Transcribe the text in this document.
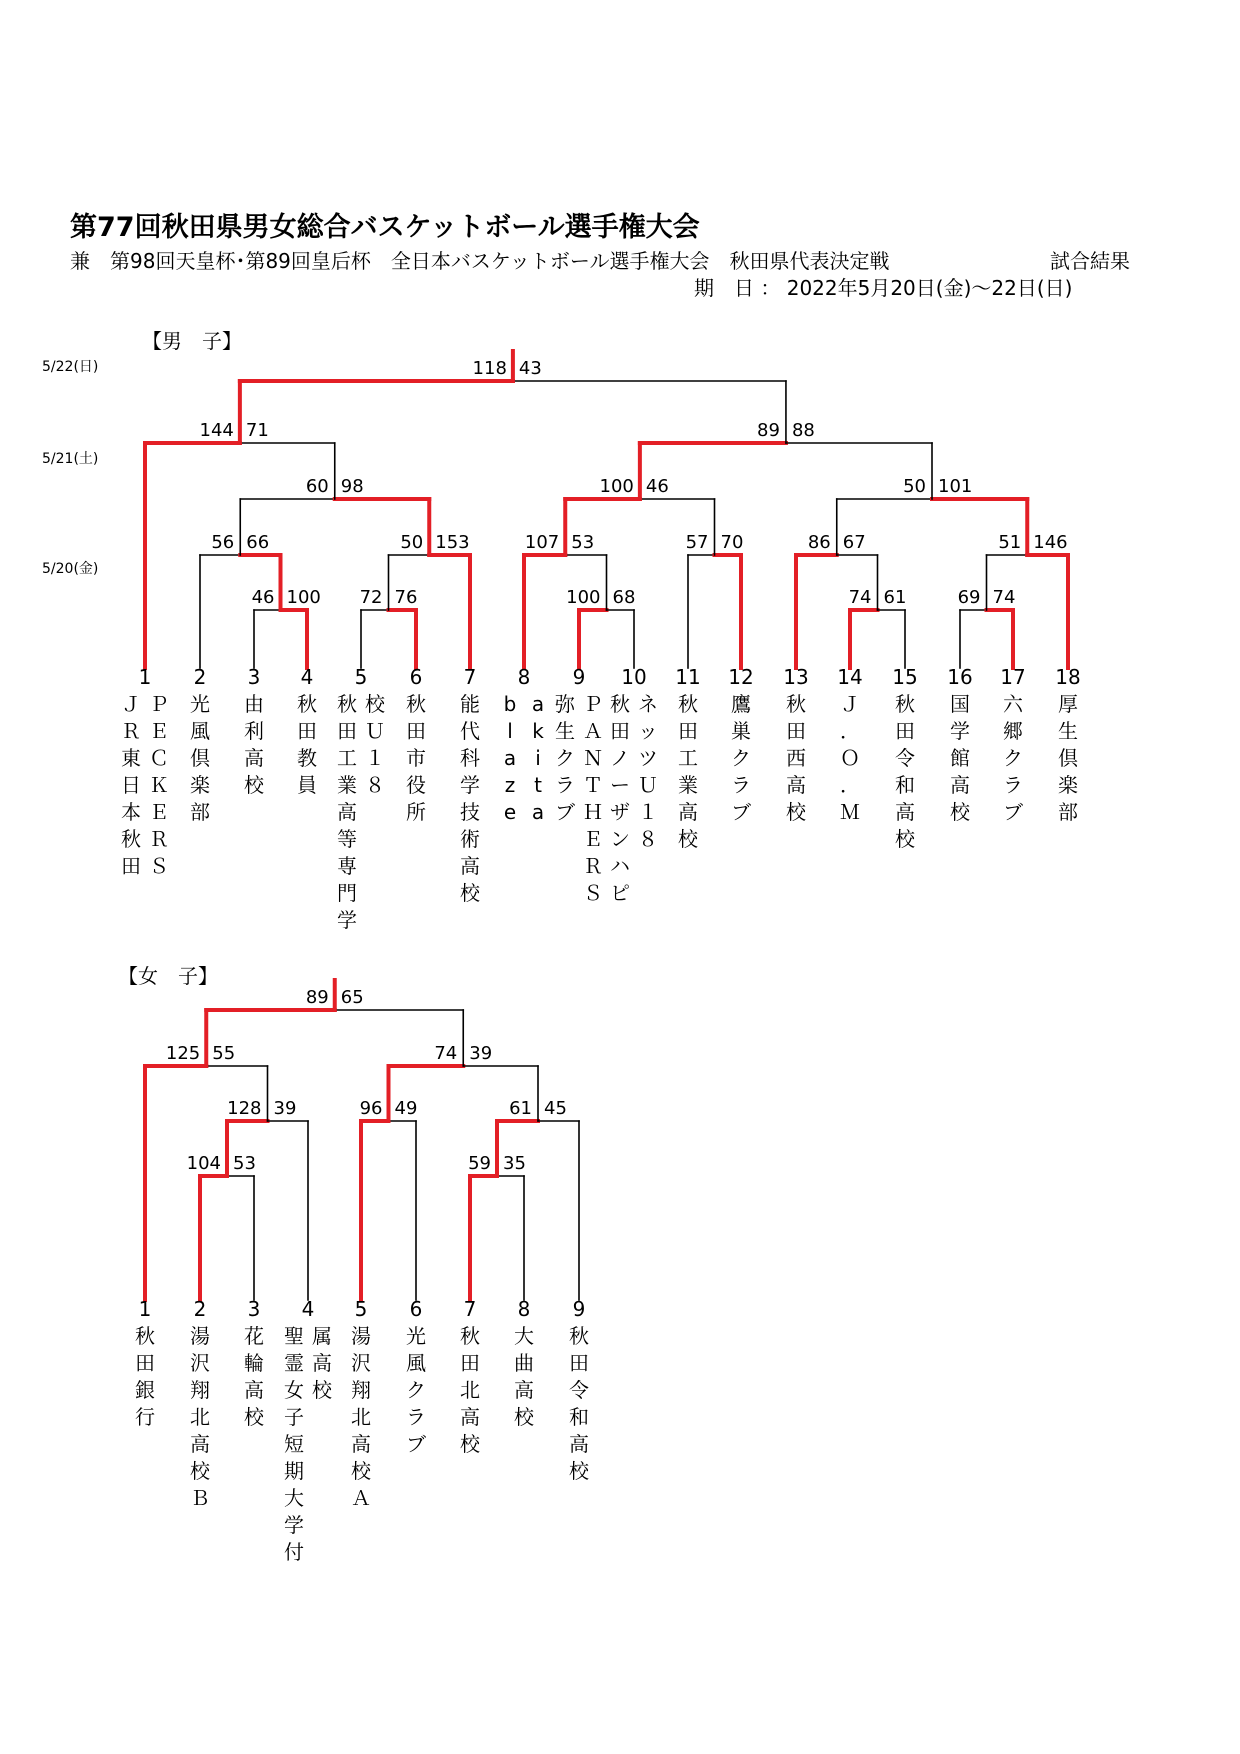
第77回秋田県男女総合バスケットボール選手権大会
兼　第98回天皇杯･第89回皇后杯　全日本バスケットボール選手権大会　秋田県代表決定戦	試合結果
期　日 ： 2022年5月20日(金)～22日(日)
【男　子】
5/22(日)
5/21(土)
5/20(金)
【女　子】
46 100 72 76	100 68	74 61	69 74
56 66	50 153	107 53	57 70	86 67	51 146
60 98	100 46	50 101
144 71	89 88
118 43
1
ＪＲ東日本秋田
ＰＥＣＫＥＲＳ
2
光風倶楽部
3
由利高校
4
秋田教員
5
秋田工業高等専門学
校Ｕ１８
6
秋田市役所
7
能代科学技術高校
8
b l a z e
a k i t a
9
弥生クラブ
ＰＡＮＴＨＥＲＳ
10
秋田ノーザンハピ
ネッツＵ１８
11
秋田工業高校
12
鷹巣クラブ
13
秋田西高校
14
Ｊ．Ｏ．Ｍ
15
秋田令和高校
16
国学館高校
17
六郷クラブ
18
厚生倶楽部
104 53	59 35
128 39	96 49	61 45
125 55	74 39
89 65
1
秋田銀行
2
湯沢翔北高校Ｂ
3
花輪高校
4
聖霊女子短期大学付
属高校
5
湯沢翔北高校Ａ
6
光風クラブ
7
秋田北高校
8
大曲高校
9
秋田令和高校
